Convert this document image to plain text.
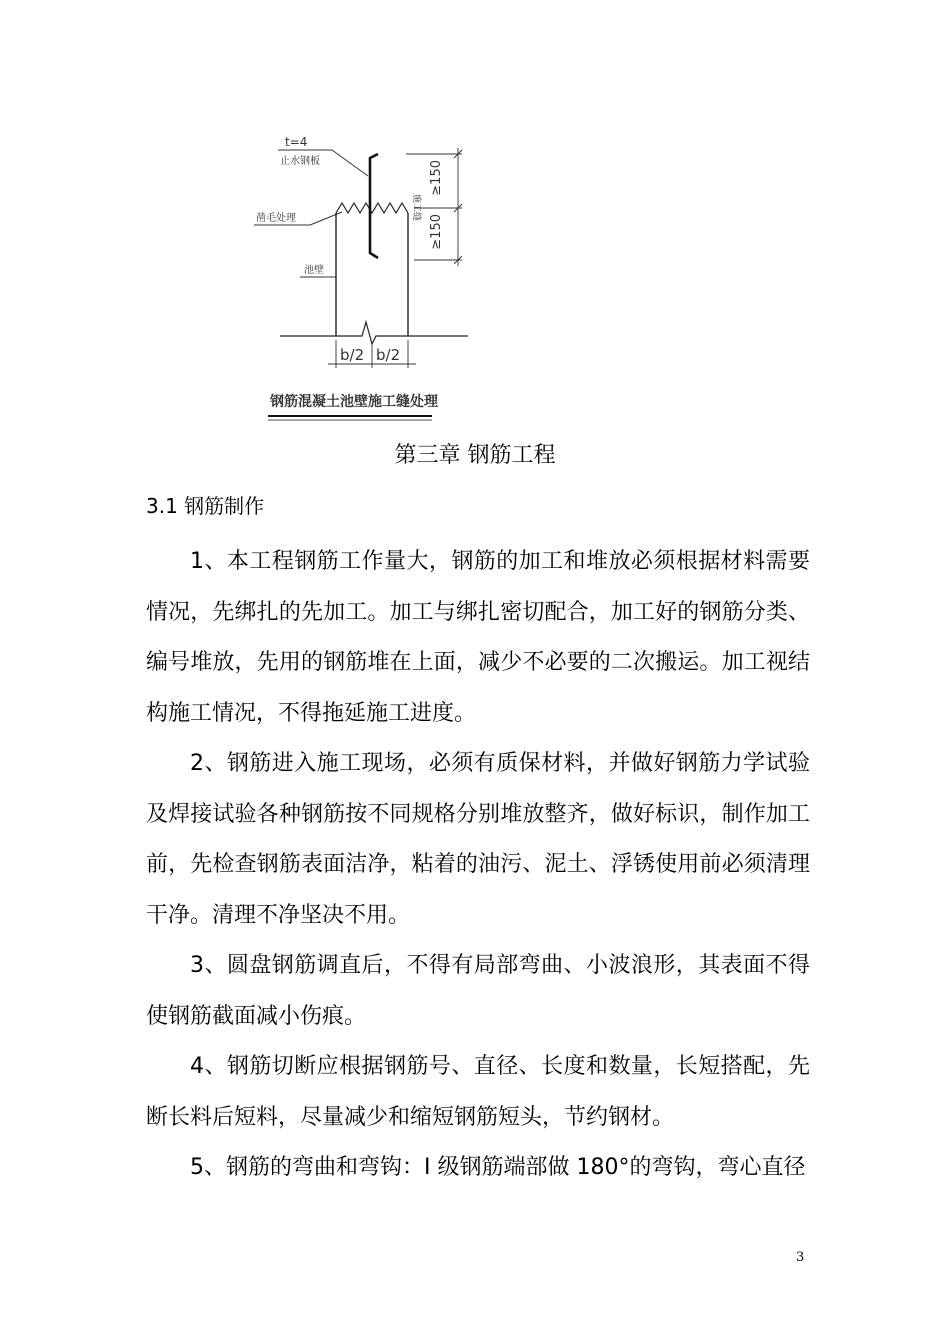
t=4
止水钢板
凿毛处理
池壁
施工缝
≥150
≥150
b/2 b/2
钢筋混凝土池壁施工缝处理
第三章 钢筋工程
3.1 钢筋制作

1、本工程钢筋工作量大，钢筋的加工和堆放必须根据材料需要情况，先绑扎的先加工。加工与绑扎密切配合，加工好的钢筋分类、编号堆放，先用的钢筋堆在上面，减少不必要的二次搬运。加工视结构施工情况，不得拖延施工进度。

2、钢筋进入施工现场，必须有质保材料，并做好钢筋力学试验及焊接试验各种钢筋按不同规格分别堆放整齐，做好标识，制作加工前，先检查钢筋表面洁净，粘着的油污、泥土、浮锈使用前必须清理干净。清理不净坚决不用。

3、圆盘钢筋调直后，不得有局部弯曲、小波浪形，其表面不得使钢筋截面减小伤痕。

4、钢筋切断应根据钢筋号、直径、长度和数量，长短搭配，先断长料后短料，尽量减少和缩短钢筋短头，节约钢材。

5、钢筋的弯曲和弯钩：I 级钢筋端部做 180°的弯钩，弯心直径

3
